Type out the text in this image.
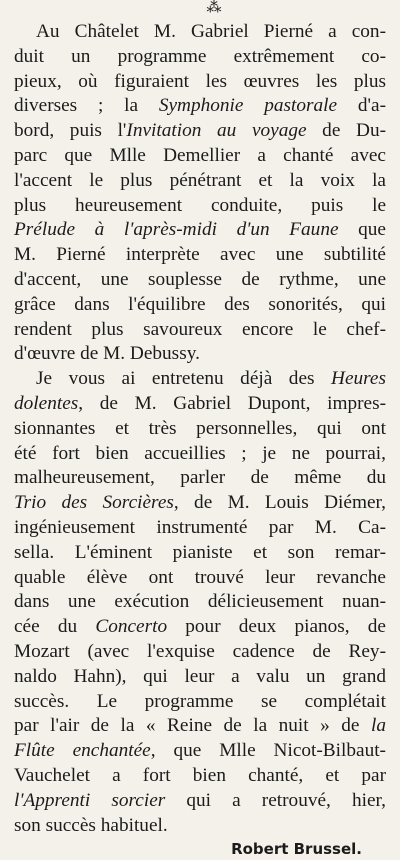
⁂

Au Châtelet M. Gabriel Pierné a con-
duit un programme extrêmement co-
pieux, où figuraient les œuvres les plus
diverses ; la Symphonie pastorale d'a-
bord, puis l'Invitation au voyage de Du-
parc que Mlle Demellier a chanté avec
l'accent le plus pénétrant et la voix la
plus heureusement conduite, puis le
Prélude à l'après-midi d'un Faune que
M. Pierné interprète avec une subtilité
d'accent, une souplesse de rythme, une
grâce dans l'équilibre des sonorités, qui
rendent plus savoureux encore le chef-
d'œuvre de M. Debussy.

Je vous ai entretenu déjà des Heures
dolentes, de M. Gabriel Dupont, impres-
sionnantes et très personnelles, qui ont
été fort bien accueillies ; je ne pourrai,
malheureusement, parler de même du
Trio des Sorcières, de M. Louis Diémer,
ingénieusement instrumenté par M. Ca-
sella. L'éminent pianiste et son remar-
quable élève ont trouvé leur revanche
dans une exécution délicieusement nuan-
cée du Concerto pour deux pianos, de
Mozart (avec l'exquise cadence de Rey-
naldo Hahn), qui leur a valu un grand
succès. Le programme se complétait
par l'air de la « Reine de la nuit » de la
Flûte enchantée, que Mlle Nicot-Bilbaut-
Vauchelet a fort bien chanté, et par
l'Apprenti sorcier qui a retrouvé, hier,
son succès habituel.

Robert Brussel.
